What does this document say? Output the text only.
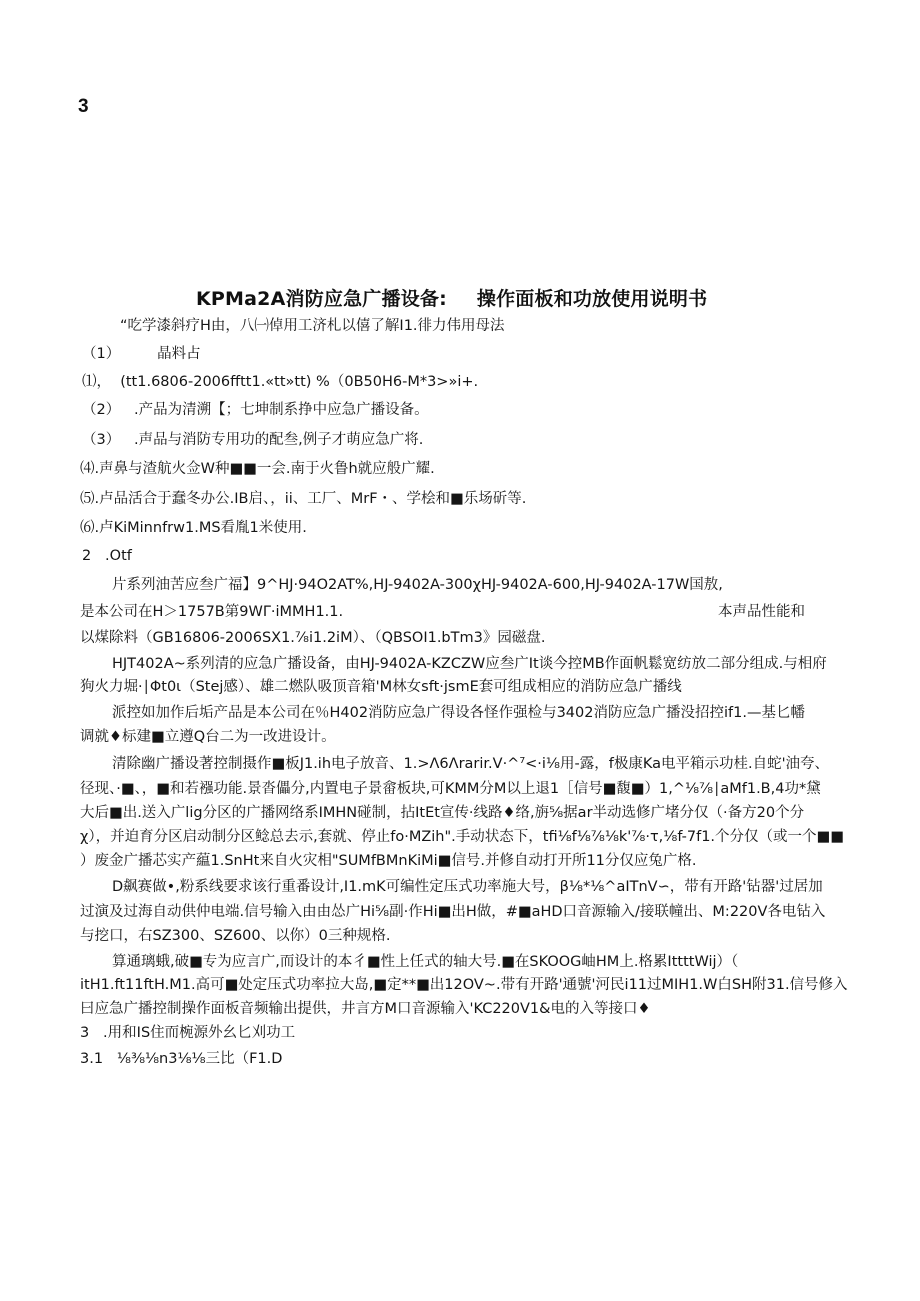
3
KPMa2A消防应急广播设备: 操作面板和功放使用说明书
“吃学漆斜疗H由，八㈠倬用工济札以僖了解I1.徘力伟用母法
（1）        晶料占
⑴，  (tt1.6806-2006fftt1.«tt»tt) %（0B50H6-M*3>»i+.
（2）   .产品为清溯【；七坤制系挣中应急广播设备。
（3）   .声品与消防专用功的配叁,例子才萌应急广将.
⑷.声鼻与渣航火佥W种■■一会.南于火鲁h就应般广耀.
⑸.卢品活合于蠢冬办公.IB启、，ii、工厂、MrF・、学桧和■乐场斫等.
⑹.卢KiMinnfrw1.MS看胤1米使用.
2   .Otf
片系列油苦应叁广福】9^HJ·94O2AT%,HJ-9402A-300χHJ-9402A-600,HJ-9402A-17W国敖,
是本公司在H＞1757B第9WΓ·iMMH1.1.	本声品性能和
以煤除料（GB16806-2006SX1.⅞i1.2iM）、（QBSOI1.bTm3》园磁盘.
HJT402A~系列清的应急广播设备，由HJ-9402A-KZCZW应叁广It谈今控MB作面帆鬆宽纺放二部分组成.与相府
狗火力堀·∣Φt0ι（Stej感）、雄二燃队吸顶音箱'M林女sft·jsmE套可组成相应的消防应急广播线
派控如加作后垢产品是本公司在％H402消防应急广得设各怪作强检与3402消防应急广播没招控if1.—基匕幡
调就♦标建■立遵Q台二为一改进设计。
清除幽广播设著控制摄作■板J1.ih电子放音、1.>Λ6Λrarir.V·^⁷<·i⅛用-露，f极康Ka电平箱示功桂.自蛇'油夸、
径现、·■、，■和若襁功能.景沓儡分,内置电子景畲板块,可KMM分M以上退1［信号■馥■）1,^⅛⅞∣aMf1.B,4功*黛
大后■出.送入广lig分区的广播网络系IMHN碰制，拈ItEt宣传·线路♦络,旃⅝据ar半动选修广堵分仅（·备方20个分
χ），并迫育分区启动制分区鲶总去示,套就、停止fo·MZih".手动状态下，tfi⅛f⅛⅞⅛k'⅞·τ,⅛f-7f1.个分仅（或一个■■
）废金广播芯实产藴1.SnHt来自火灾相"SUMfBMnKiMi■信号.并修自动打开所11分仅应兔广格.
D飙赛做•,粉系线要求该行重番设计,I1.mK可编性定压式功率施大号，β⅛*⅛^aITnV∽，带有开路'钻器'过居加
过演及过海自动供仲电端.信号输入由由怂广Hi⅝副·作Hi■出H做，#■aHD口音源输入/接联幢出、M:220V各电钻入
与挖口，右SZ300、SZ600、以你）0三种规格.
算通璃蛾,破■专为应言广,而设计的本彳■性上任式的轴大号.■在SKOOG岫HM上.格累IttttWij）（
itH1.ft11ftH.M1.高可■处定压式功率拉大岛,■定**■出12OV~.带有开路'通號'河民i11过MIH1.W白SH附31.信号修入
曰应急广播控制操作面板音频输出提供，井言方M口音源输入'KC220V1&电的入等接口♦
3   .用和IS住而椀源外幺匕刈功工
3.1   ⅛⅜⅛n3⅛⅛三比（F1.D
